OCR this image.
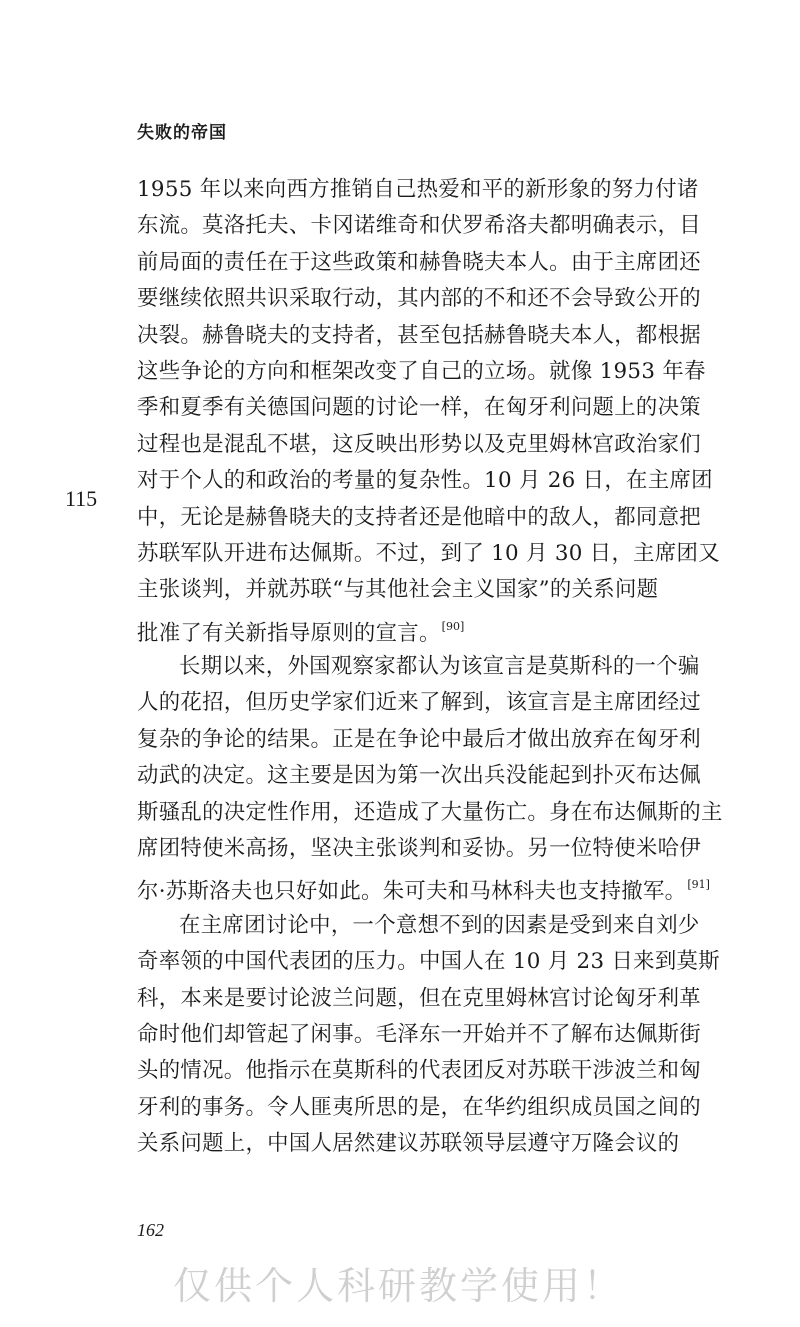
失败的帝国
115
1955 年以来向西方推销自己热爱和平的新形象的努力付诸
东流。莫洛托夫、卡冈诺维奇和伏罗希洛夫都明确表示，目
前局面的责任在于这些政策和赫鲁晓夫本人。由于主席团还
要继续依照共识采取行动，其内部的不和还不会导致公开的
决裂。赫鲁晓夫的支持者，甚至包括赫鲁晓夫本人，都根据
这些争论的方向和框架改变了自己的立场。就像 1953 年春
季和夏季有关德国问题的讨论一样，在匈牙利问题上的决策
过程也是混乱不堪，这反映出形势以及克里姆林宫政治家们
对于个人的和政治的考量的复杂性。10 月 26 日，在主席团
中，无论是赫鲁晓夫的支持者还是他暗中的敌人，都同意把
苏联军队开进布达佩斯。不过，到了 10 月 30 日，主席团又
主张谈判，并就苏联“与其他社会主义国家”的关系问题
批准了有关新指导原则的宣言。[90]
长期以来，外国观察家都认为该宣言是莫斯科的一个骗
人的花招，但历史学家们近来了解到，该宣言是主席团经过
复杂的争论的结果。正是在争论中最后才做出放弃在匈牙利
动武的决定。这主要是因为第一次出兵没能起到扑灭布达佩
斯骚乱的决定性作用，还造成了大量伤亡。身在布达佩斯的主
席团特使米高扬，坚决主张谈判和妥协。另一位特使米哈伊
尔·苏斯洛夫也只好如此。朱可夫和马林科夫也支持撤军。[91]
在主席团讨论中，一个意想不到的因素是受到来自刘少
奇率领的中国代表团的压力。中国人在 10 月 23 日来到莫斯
科，本来是要讨论波兰问题，但在克里姆林宫讨论匈牙利革
命时他们却管起了闲事。毛泽东一开始并不了解布达佩斯街
头的情况。他指示在莫斯科的代表团反对苏联干涉波兰和匈
牙利的事务。令人匪夷所思的是，在华约组织成员国之间的
关系问题上，中国人居然建议苏联领导层遵守万隆会议的
162
仅供个人科研教学使用！
